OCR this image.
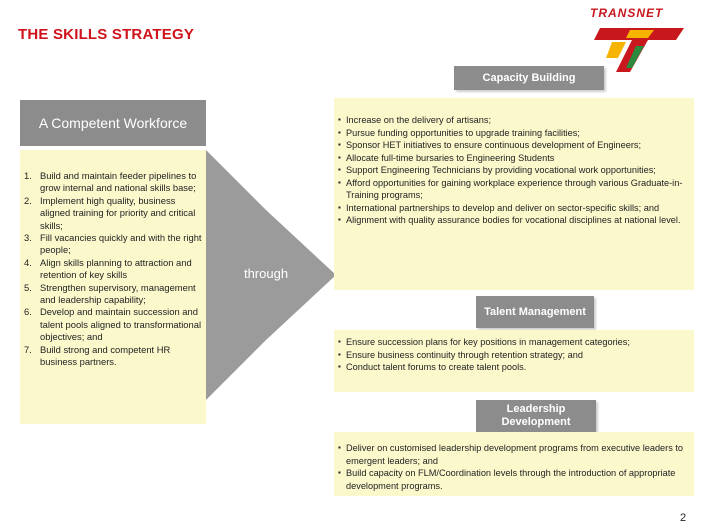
THE SKILLS STRATEGY
TRANSNET
A Competent Workforce
1. Build and maintain feeder pipelines to grow internal and national skills base;
2. Implement high quality, business aligned training for priority and critical skills;
3. Fill vacancies quickly and with the right people;
4. Align skills planning to attraction and retention of key skills
5. Strengthen supervisory, management and leadership capability;
6. Develop and maintain succession and talent pools aligned to transformational objectives; and
7. Build strong and competent HR business partners.
through
Capacity Building
▪ Increase on the delivery of artisans;
▪ Pursue funding opportunities to upgrade training facilities;
▪ Sponsor HET initiatives to ensure continuous development of Engineers;
▪ Allocate full-time bursaries to Engineering Students
▪ Support Engineering Technicians by providing vocational work opportunities;
▪ Afford opportunities for gaining workplace experience through various Graduate-in-Training programs;
▪ International partnerships to develop and deliver on sector-specific skills; and
▪ Alignment with quality assurance bodies for vocational disciplines at national level.
Talent Management
▪ Ensure succession plans for key positions in management categories;
▪ Ensure business continuity through retention strategy; and
▪ Conduct talent forums to create talent pools.
Leadership Development
▪ Deliver on customised leadership development programs from executive leaders to emergent leaders; and
▪ Build capacity on FLM/Coordination levels through the introduction of appropriate development programs.
2
